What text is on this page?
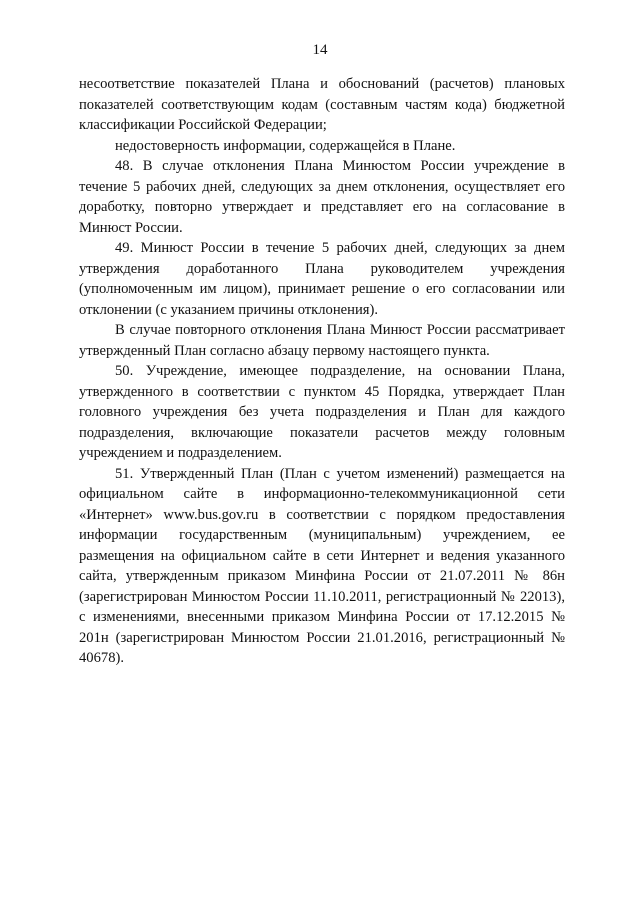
14

несоответствие показателей Плана и обоснований (расчетов) плановых показателей соответствующим кодам (составным частям кода) бюджетной классификации Российской Федерации;

недостоверность информации, содержащейся в Плане.

48. В случае отклонения Плана Минюстом России учреждение в течение 5 рабочих дней, следующих за днем отклонения, осуществляет его доработку, повторно утверждает и представляет его на согласование в Минюст России.

49. Минюст России в течение 5 рабочих дней, следующих за днем утверждения доработанного Плана руководителем учреждения (уполномоченным им лицом), принимает решение о его согласовании или отклонении (с указанием причины отклонения).

В случае повторного отклонения Плана Минюст России рассматривает утвержденный План согласно абзацу первому настоящего пункта.

50. Учреждение, имеющее подразделение, на основании Плана, утвержденного в соответствии с пунктом 45 Порядка, утверждает План головного учреждения без учета подразделения и План для каждого подразделения, включающие показатели расчетов между головным учреждением и подразделением.

51. Утвержденный План (План с учетом изменений) размещается на официальном сайте в информационно-телекоммуникационной сети «Интернет» www.bus.gov.ru в соответствии с порядком предоставления информации государственным (муниципальным) учреждением, ее размещения на официальном сайте в сети Интернет и ведения указанного сайта, утвержденным приказом Минфина России от 21.07.2011 № 86н (зарегистрирован Минюстом России 11.10.2011, регистрационный № 22013), с изменениями, внесенными приказом Минфина России от 17.12.2015 № 201н (зарегистрирован Минюстом России 21.01.2016, регистрационный № 40678).
